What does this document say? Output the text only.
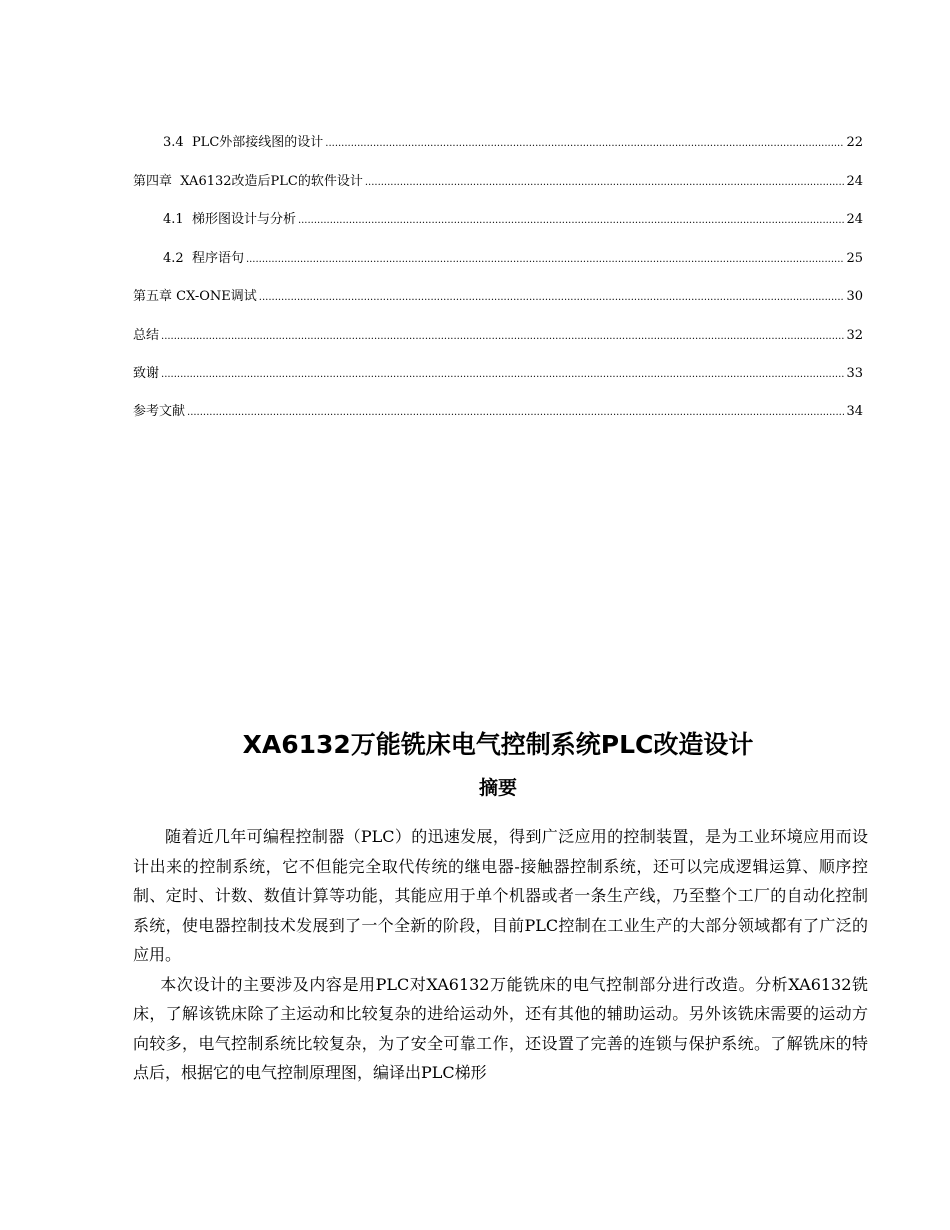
3.4  PLC外部接线图的设计 .....	22
第四章  XA6132改造后PLC的软件设计 .....	24
4.1  梯形图设计与分析 .....	24
4.2  程序语句 .....	25
第五章 CX-ONE调试 .....	30
总结 .....	32
致谢 .....	33
参考文献 .....	34
XA6132万能铣床电气控制系统PLC改造设计
摘要

随着近几年可编程控制器（PLC）的迅速发展，得到广泛应用的控制装置，是为工业环境应用而设计出来的控制系统，它不但能完全取代传统的继电器-接触器控制系统，还可以完成逻辑运算、顺序控制、定时、计数、数值计算等功能，其能应用于单个机器或者一条生产线，乃至整个工厂的自动化控制系统，使电器控制技术发展到了一个全新的阶段，目前PLC控制在工业生产的大部分领域都有了广泛的应用。

本次设计的主要涉及内容是用PLC对XA6132万能铣床的电气控制部分进行改造。分析XA6132铣床，了解该铣床除了主运动和比较复杂的进给运动外，还有其他的辅助运动。另外该铣床需要的运动方向较多，电气控制系统比较复杂，为了安全可靠工作，还设置了完善的连锁与保护系统。了解铣床的特点后，根据它的电气控制原理图，编译出PLC梯形
